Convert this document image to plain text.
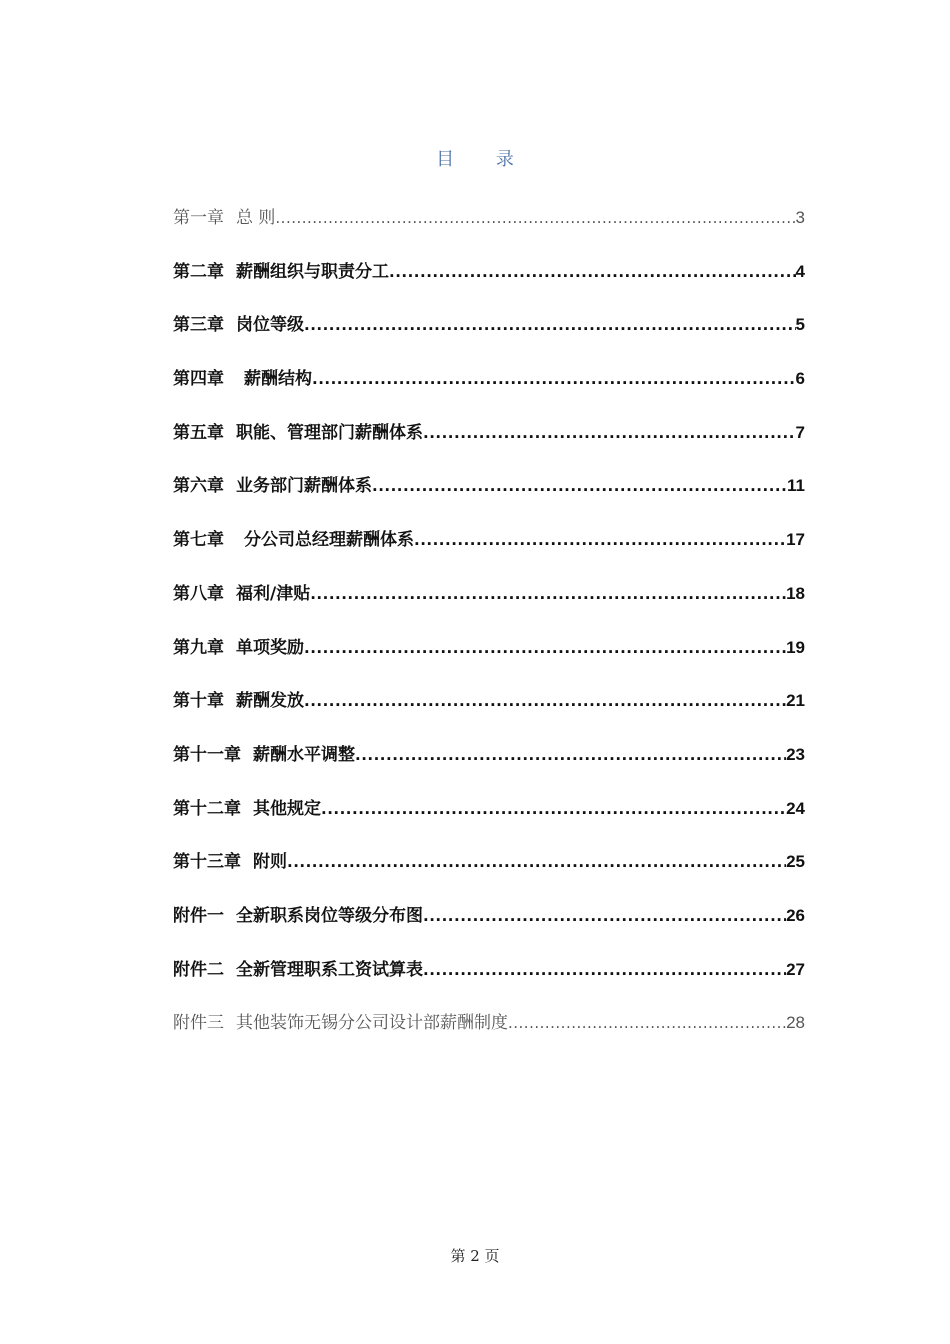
目 录
第一章 总 则 .....	3
第二章 薪酬组织与职责分工 .....	4
第三章 岗位等级 .....	5
第四章 薪酬结构 .....	6
第五章 职能、管理部门薪酬体系 .....	7
第六章 业务部门薪酬体系 .....	11
第七章 分公司总经理薪酬体系 .....	17
第八章 福利/津贴 .....	18
第九章 单项奖励 .....	19
第十章 薪酬发放 .....	21
第十一章 薪酬水平调整 .....	23
第十二章 其他规定 .....	24
第十三章 附则 .....	25
附件一 全新职系岗位等级分布图 .....	26
附件二 全新管理职系工资试算表 .....	27
附件三 其他装饰无锡分公司设计部薪酬制度 .....	28
第 2 页
